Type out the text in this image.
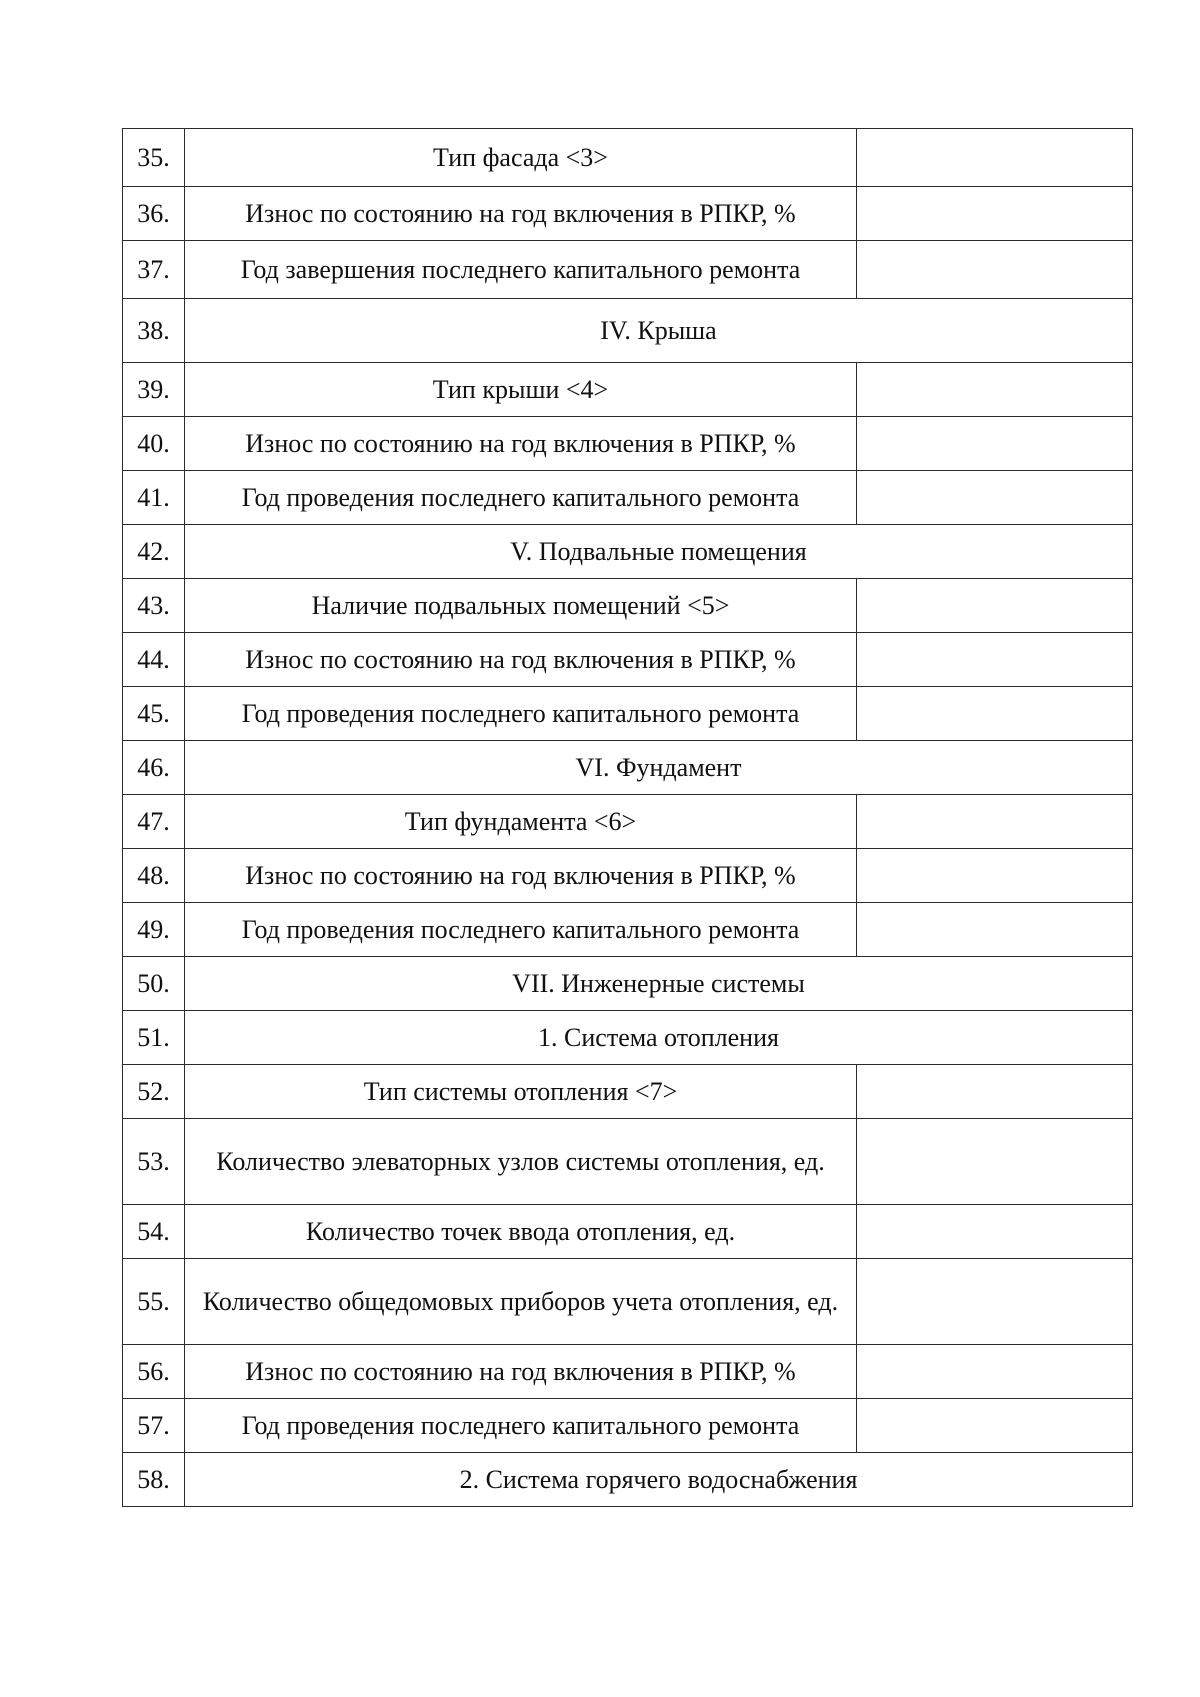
35.	Тип фасада <3>	
36.	Износ по состоянию на год включения в РПКР, %	
37.	Год завершения последнего капитального ремонта	
38.	IV. Крыша	
39.	Тип крыши <4>	
40.	Износ по состоянию на год включения в РПКР, %	
41.	Год проведения последнего капитального ремонта	
42.	V. Подвальные помещения	
43.	Наличие подвальных помещений <5>	
44.	Износ по состоянию на год включения в РПКР, %	
45.	Год проведения последнего капитального ремонта	
46.	VI. Фундамент	
47.	Тип фундамента <6>	
48.	Износ по состоянию на год включения в РПКР, %	
49.	Год проведения последнего капитального ремонта	
50.	VII. Инженерные системы	
51.	1. Система отопления	
52.	Тип системы отопления <7>	
53.	Количество элеваторных узлов системы отопления, ед.	
54.	Количество точек ввода отопления, ед.	
55.	Количество общедомовых приборов учета отопления, ед.	
56.	Износ по состоянию на год включения в РПКР, %	
57.	Год проведения последнего капитального ремонта	
58.	2. Система горячего водоснабжения	
